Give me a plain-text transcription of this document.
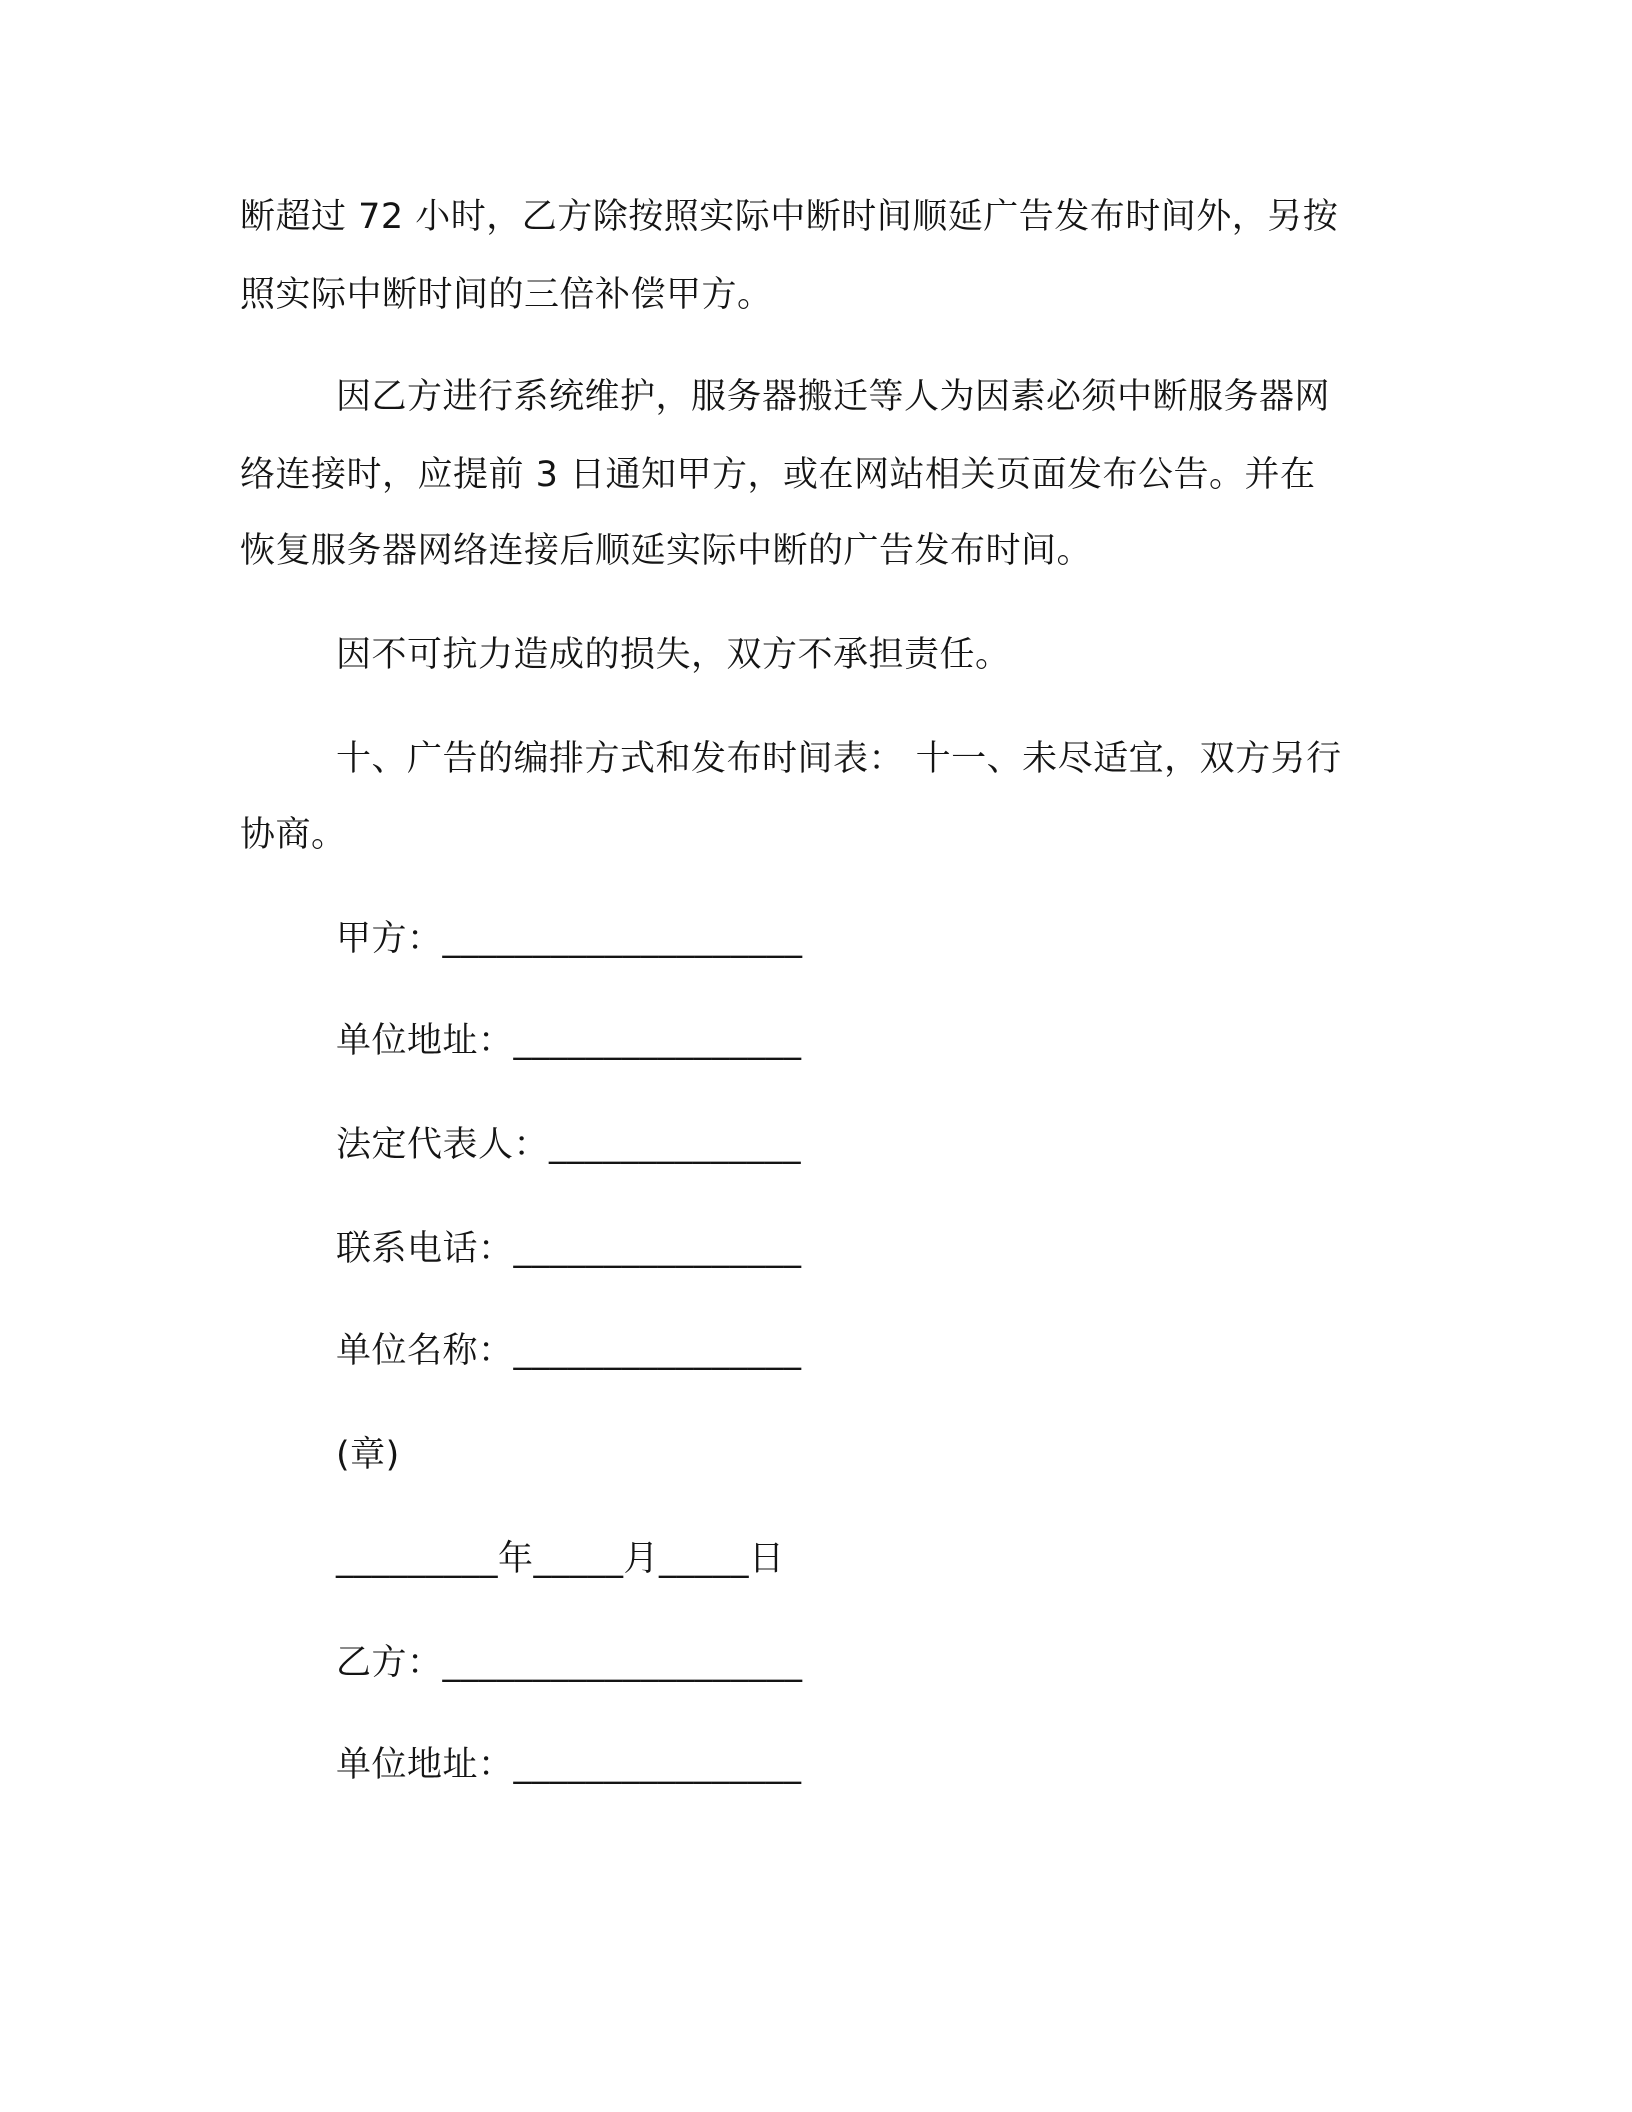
断超过 72 小时，乙方除按照实际中断时间顺延广告发布时间外，另按
照实际中断时间的三倍补偿甲方。
因乙方进行系统维护，服务器搬迁等人为因素必须中断服务器网
络连接时，应提前 3 日通知甲方，或在网站相关页面发布公告。并在
恢复服务器网络连接后顺延实际中断的广告发布时间。
因不可抗力造成的损失，双方不承担责任。
十、广告的编排方式和发布时间表： 十一、未尽适宜，双方另行
协商。
甲方：____________________
单位地址：________________
法定代表人：______________
联系电话：________________
单位名称：________________
(章)
_________年_____月_____日
乙方：____________________
单位地址：________________
